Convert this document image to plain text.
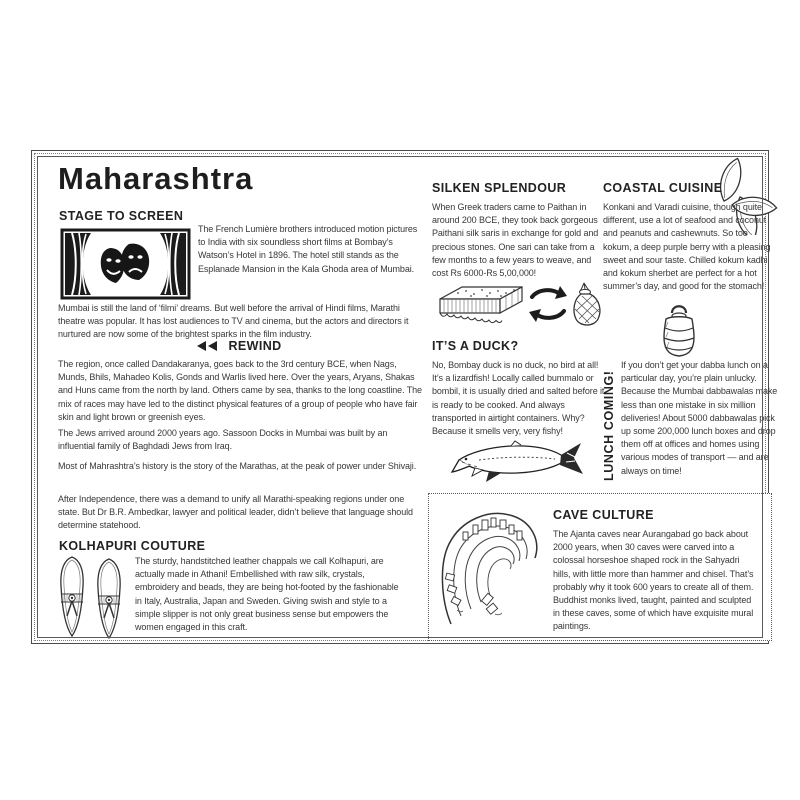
Maharashtra
STAGE TO SCREEN
The French Lumière brothers introduced motion pictures to India with six soundless short films at Bombay’s Watson’s Hotel in 1896. The hotel still stands as the Esplanade Mansion in the Kala Ghoda area of Mumbai.
Mumbai is still the land of ‘filmi’ dreams. But well before the arrival of Hindi films, Marathi theatre was popular. It has lost audiences to TV and cinema, but the actors and directors it nurtured are now some of the brightest sparks in the film industry.
REWIND
The region, once called Dandakaranya, goes back to the 3rd century BCE, when Nags, Munds, Bhils, Mahadeo Kolis, Gonds and Warlis lived here. Over the years, Aryans, Shakas and Huns came from the north by land. Others came by sea, thanks to the long coastline. The mix of races may have led to the distinct physical features of a group of people who have fair skin and light brown or greenish eyes.
The Jews arrived around 2000 years ago. Sassoon Docks in Mumbai was built by an influential family of Baghdadi Jews from Iraq.
Most of Mahrashtra’s history is the story of the Marathas, at the peak of power under Shivaji.
After Independence, there was a demand to unify all Marathi-speaking regions under one state. But Dr B.R. Ambedkar, lawyer and political leader, didn’t believe that language should determine statehood.
KOLHAPURI COUTURE
The sturdy, handstitched leather chappals we call Kolhapuri, are actually made in Athani! Embellished with raw silk, crystals, embroidery and beads, they are being hot-footed by the fashionable in Italy, Australia, Japan and Sweden. Giving swish and style to a simple slipper is not only great business sense but empowers the women engaged in this craft.
SILKEN SPLENDOUR
When Greek traders came to Paithan in around 200 BCE, they took back gorgeous Paithani silk saris in exchange for gold and precious stones. One sari can take from a few months to a few years to weave, and cost Rs 6000-Rs 5,00,000!
IT’S A DUCK?
No, Bombay duck is no duck, no bird at all! It’s a lizardfish! Locally called bummalo or bombil, it is usually dried and salted before it is ready to be cooked. And always transported in airtight containers. Why? Because it smells very, very fishy!
COASTAL CUISINE
Konkani and Varadi cuisine, though quite different, use a lot of seafood and coconut and peanuts and cashewnuts. So too kokum, a deep purple berry with a pleasing sweet and sour taste. Chilled kokum kadhi and kokum sherbet are perfect for a hot summer’s day, and good for the stomach!
LUNCH COMING!
If you don’t get your dabba lunch on a particular day, you’re plain unlucky. Because the Mumbai dabbawalas make less than one mistake in six million deliveries! About 5000 dabbawalas pick up some 200,000 lunch boxes and drop them off at offices and homes using various modes of transport — and are always on time!
CAVE CULTURE
The Ajanta caves near Aurangabad go back about 2000 years, when 30 caves were carved into a colossal horseshoe shaped rock in the Sahyadri hills, with little more than hammer and chisel. That’s probably why it took 600 years to create all of them. Buddhist monks lived, taught, painted and sculpted in these caves, some of which have exquisite mural paintings.
